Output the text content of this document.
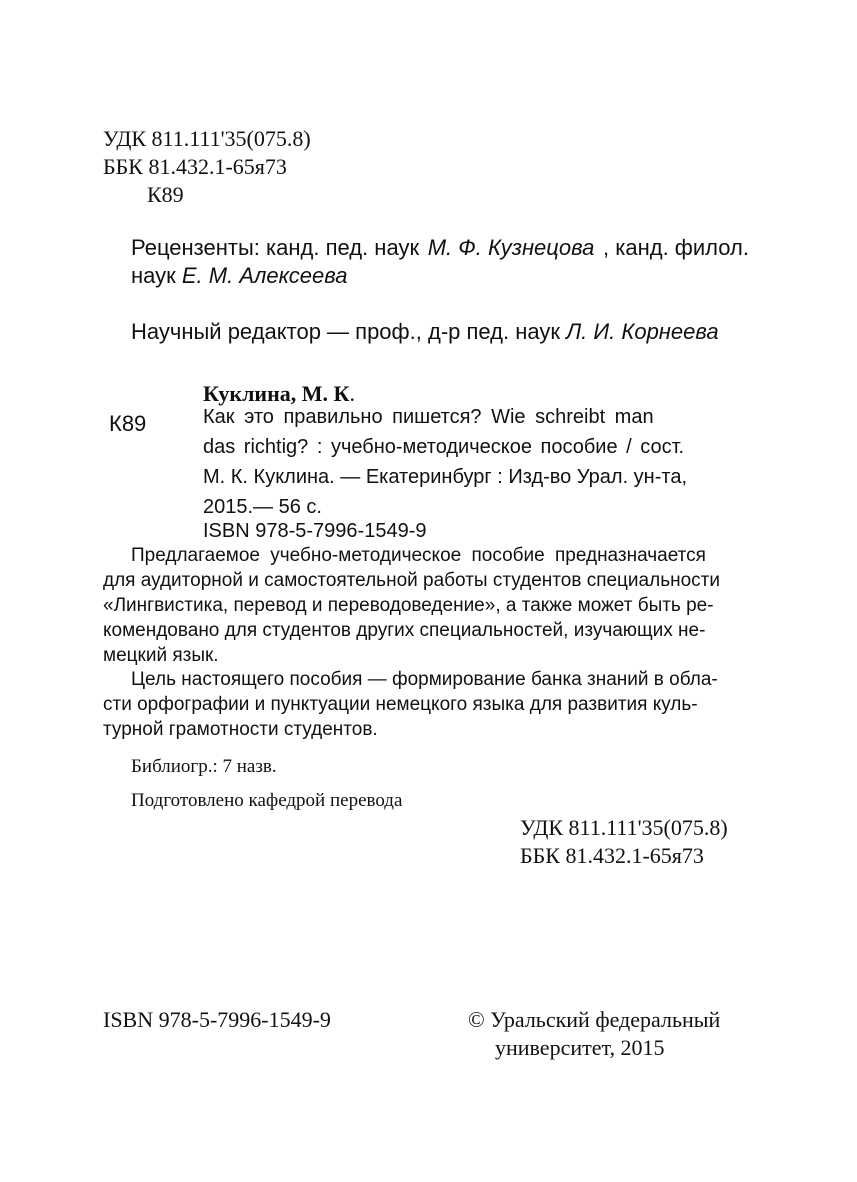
УДК 811.111'35(075.8)
ББК 81.432.1-65я73
К89
Рецензенты: канд. пед. наук М. Ф. Кузнецова , канд. филол.
наук Е. М. Алексеева
Научный редактор — проф., д-р пед. наук Л. И. Корнеева
Куклина, М. К.
К89	Как это правильно пишется? Wie schreibt man
das richtig? : учебно-методическое пособие / сост.
М. К. Куклина. — Екатеринбург : Изд-во Урал. ун-та,
2015.— 56 с.
ISBN 978-5-7996-1549-9

Предлагаемое учебно-методическое пособие предназначается

для аудиторной и самостоятельной работы студентов специальности

«Лингвистика, перевод и переводоведение», а также может быть ре-

комендовано для студентов других специальностей, изучающих не-

мецкий язык.

Цель настоящего пособия — формирование банка знаний в обла-

сти орфографии и пунктуации немецкого языка для развития куль-

турной грамотности студентов.

Библиогр.: 7 назв.
Подготовлено кафедрой перевода
УДК 811.111'35(075.8)
ББК 81.432.1-65я73
ISBN 978-5-7996-1549-9	© Уральский федеральный
университет, 2015
